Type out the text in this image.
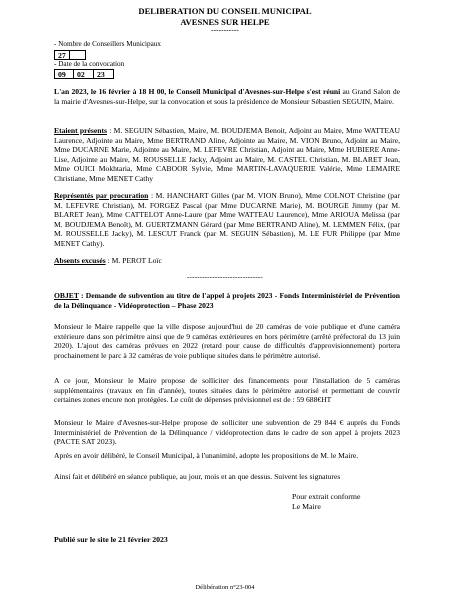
DELIBERATION DU CONSEIL MUNICIPAL
AVESNES SUR HELPE
-----------
- Nombre de Conseillers Municipaux
27
- Date de la convocation
09	02	23

L'an 2023, le 16 février à 18 H 00, le Conseil Municipal d'Avesnes-sur-Helpe s'est réuni au Grand Salon de la mairie d'Avesnes-sur-Helpe, sur la convocation et sous la présidence de Monsieur Sébastien SEGUIN, Maire.

Etaient présents : M. SEGUIN Sébastien, Maire, M. BOUDJEMA Benoit, Adjoint au Maire, Mme WATTEAU Laurence, Adjointe au Maire, Mme BERTRAND Aline, Adjointe au Maire, M. VION Bruno, Adjoint au Maire, Mme DUCARNE Marie, Adjointe au Maire, M. LEFEVRE Christian, Adjoint au Maire, Mme HUBIERE Anne-Lise, Adjointe au Maire, M. ROUSSELLE Jacky, Adjoint au Maire, M. CASTEL Christian, M. BLARET Jean, Mme OUICI Mokhtaria, Mme CABOOR Sylvie, Mme MARTIN-LAVAQUERIE Valérie, Mme LEMAIRE Christiane, Mme MENET Cathy

Représentés par procuration : M. HANCHART Gilles (par M. VION Bruno), Mme COLNOT Christine (par M. LEFEVRE Christian), M. FORGEZ Pascal (par Mme DUCARNE Marie), M. BOURGE Jimmy (par M. BLARET Jean), Mme CATTELOT Anne-Laure (par Mme WATTEAU Laurence), Mme ARIOUA Melissa (par M. BOUDJEMA Benoît), M. GUERTZMANN Gérard (par Mme BERTRAND Aline), M. LEMMEN Félix, (par M. ROUSSELLE Jacky), M. LESCUT Franck (par M. SEGUIN Sébastien), M. LE FUR Philippe (par Mme MENET Cathy).

Absents excusés : M. PEROT Loïc

------------------------------

OBJET : Demande de subvention au titre de l'appel à projets 2023 - Fonds Interministériel de Prévention de la Délinquance - Vidéoprotection – Phase 2023

Monsieur le Maire rappelle que la ville dispose aujourd'hui de 20 caméras de voie publique et d'une caméra extérieure dans son périmètre ainsi que de 9 caméras extérieures en hors périmètre (arrêté préfectoral du 13 juin 2020). L'ajout des caméras prévues en 2022 (retard pour cause de difficultés d'approvisionnement) portera prochainement le parc à 32 caméras de voie publique situées dans le périmètre autorisé.
A ce jour, Monsieur le Maire propose de solliciter des financements pour l'installation de 5 caméras supplémentaires (travaux en fin d'année), toutes situées dans le périmètre autorisé et permettant de couvrir certaines zones encore non protégées. Le coût de dépenses prévisionnel est de : 59 688€HT
Monsieur le Maire d'Avesnes-sur-Helpe propose de solliciter une subvention de 29 844 € auprès du Fonds Interministériel de Prévention de la Délinquance / vidéoprotection dans le cadre de son appel à projets 2023 (PACTE SAT 2023).
Après en avoir délibéré, le Conseil Municipal, à l'unanimité, adopte les propositions de M. le Maire.
Ainsi fait et délibéré en séance publique, au jour, mois et an que dessus. Suivent les signatures
Pour extrait conforme
Le Maire
Publié sur le site le 21 février 2023
Délibération n°23-004
